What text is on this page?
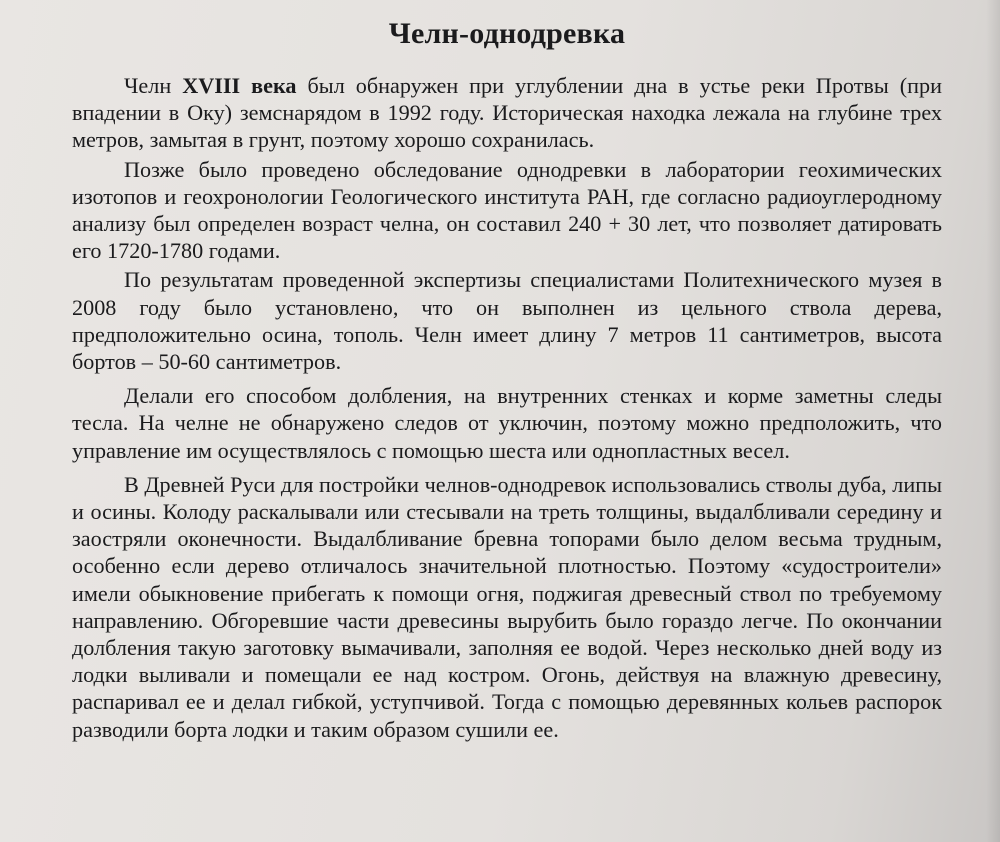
Челн-однодревка

Челн XVIII века был обнаружен при углублении дна в устье реки Протвы (при впадении в Оку) земснарядом в 1992 году. Историческая находка лежала на глубине трех метров, замытая в грунт, поэтому хорошо сохранилась.

Позже было проведено обследование однодревки в лаборатории геохимических изотопов и геохронологии Геологического института РАН, где согласно радиоуглеродному анализу был определен возраст челна, он составил 240 + 30 лет, что позволяет датировать его 1720-1780 годами.

По результатам проведенной экспертизы специалистами Политехнического музея в 2008 году было установлено, что он выполнен из цельного ствола дерева, предположительно осина, тополь. Челн имеет длину 7 метров 11 сантиметров, высота бортов – 50-60 сантиметров.

Делали его способом долбления, на внутренних стенках и корме заметны следы тесла. На челне не обнаружено следов от уключин, поэтому можно предположить, что управление им осуществлялось с помощью шеста или однопластных весел.

В Древней Руси для постройки челнов-однодревок использовались стволы дуба, липы и осины. Колоду раскалывали или стесывали на треть толщины, выдалбливали середину и заостряли оконечности. Выдалбливание бревна топорами было делом весьма трудным, особенно если дерево отличалось значительной плотностью. Поэтому «судостроители» имели обыкновение прибегать к помощи огня, поджигая древесный ствол по требуемому направлению. Обгоревшие части древесины вырубить было гораздо легче. По окончании долбления такую заготовку вымачивали, заполняя ее водой. Через несколько дней воду из лодки выливали и помещали ее над костром. Огонь, действуя на влажную древесину, распаривал ее и делал гибкой, уступчивой. Тогда с помощью деревянных кольев распорок разводили борта лодки и таким образом сушили ее.
